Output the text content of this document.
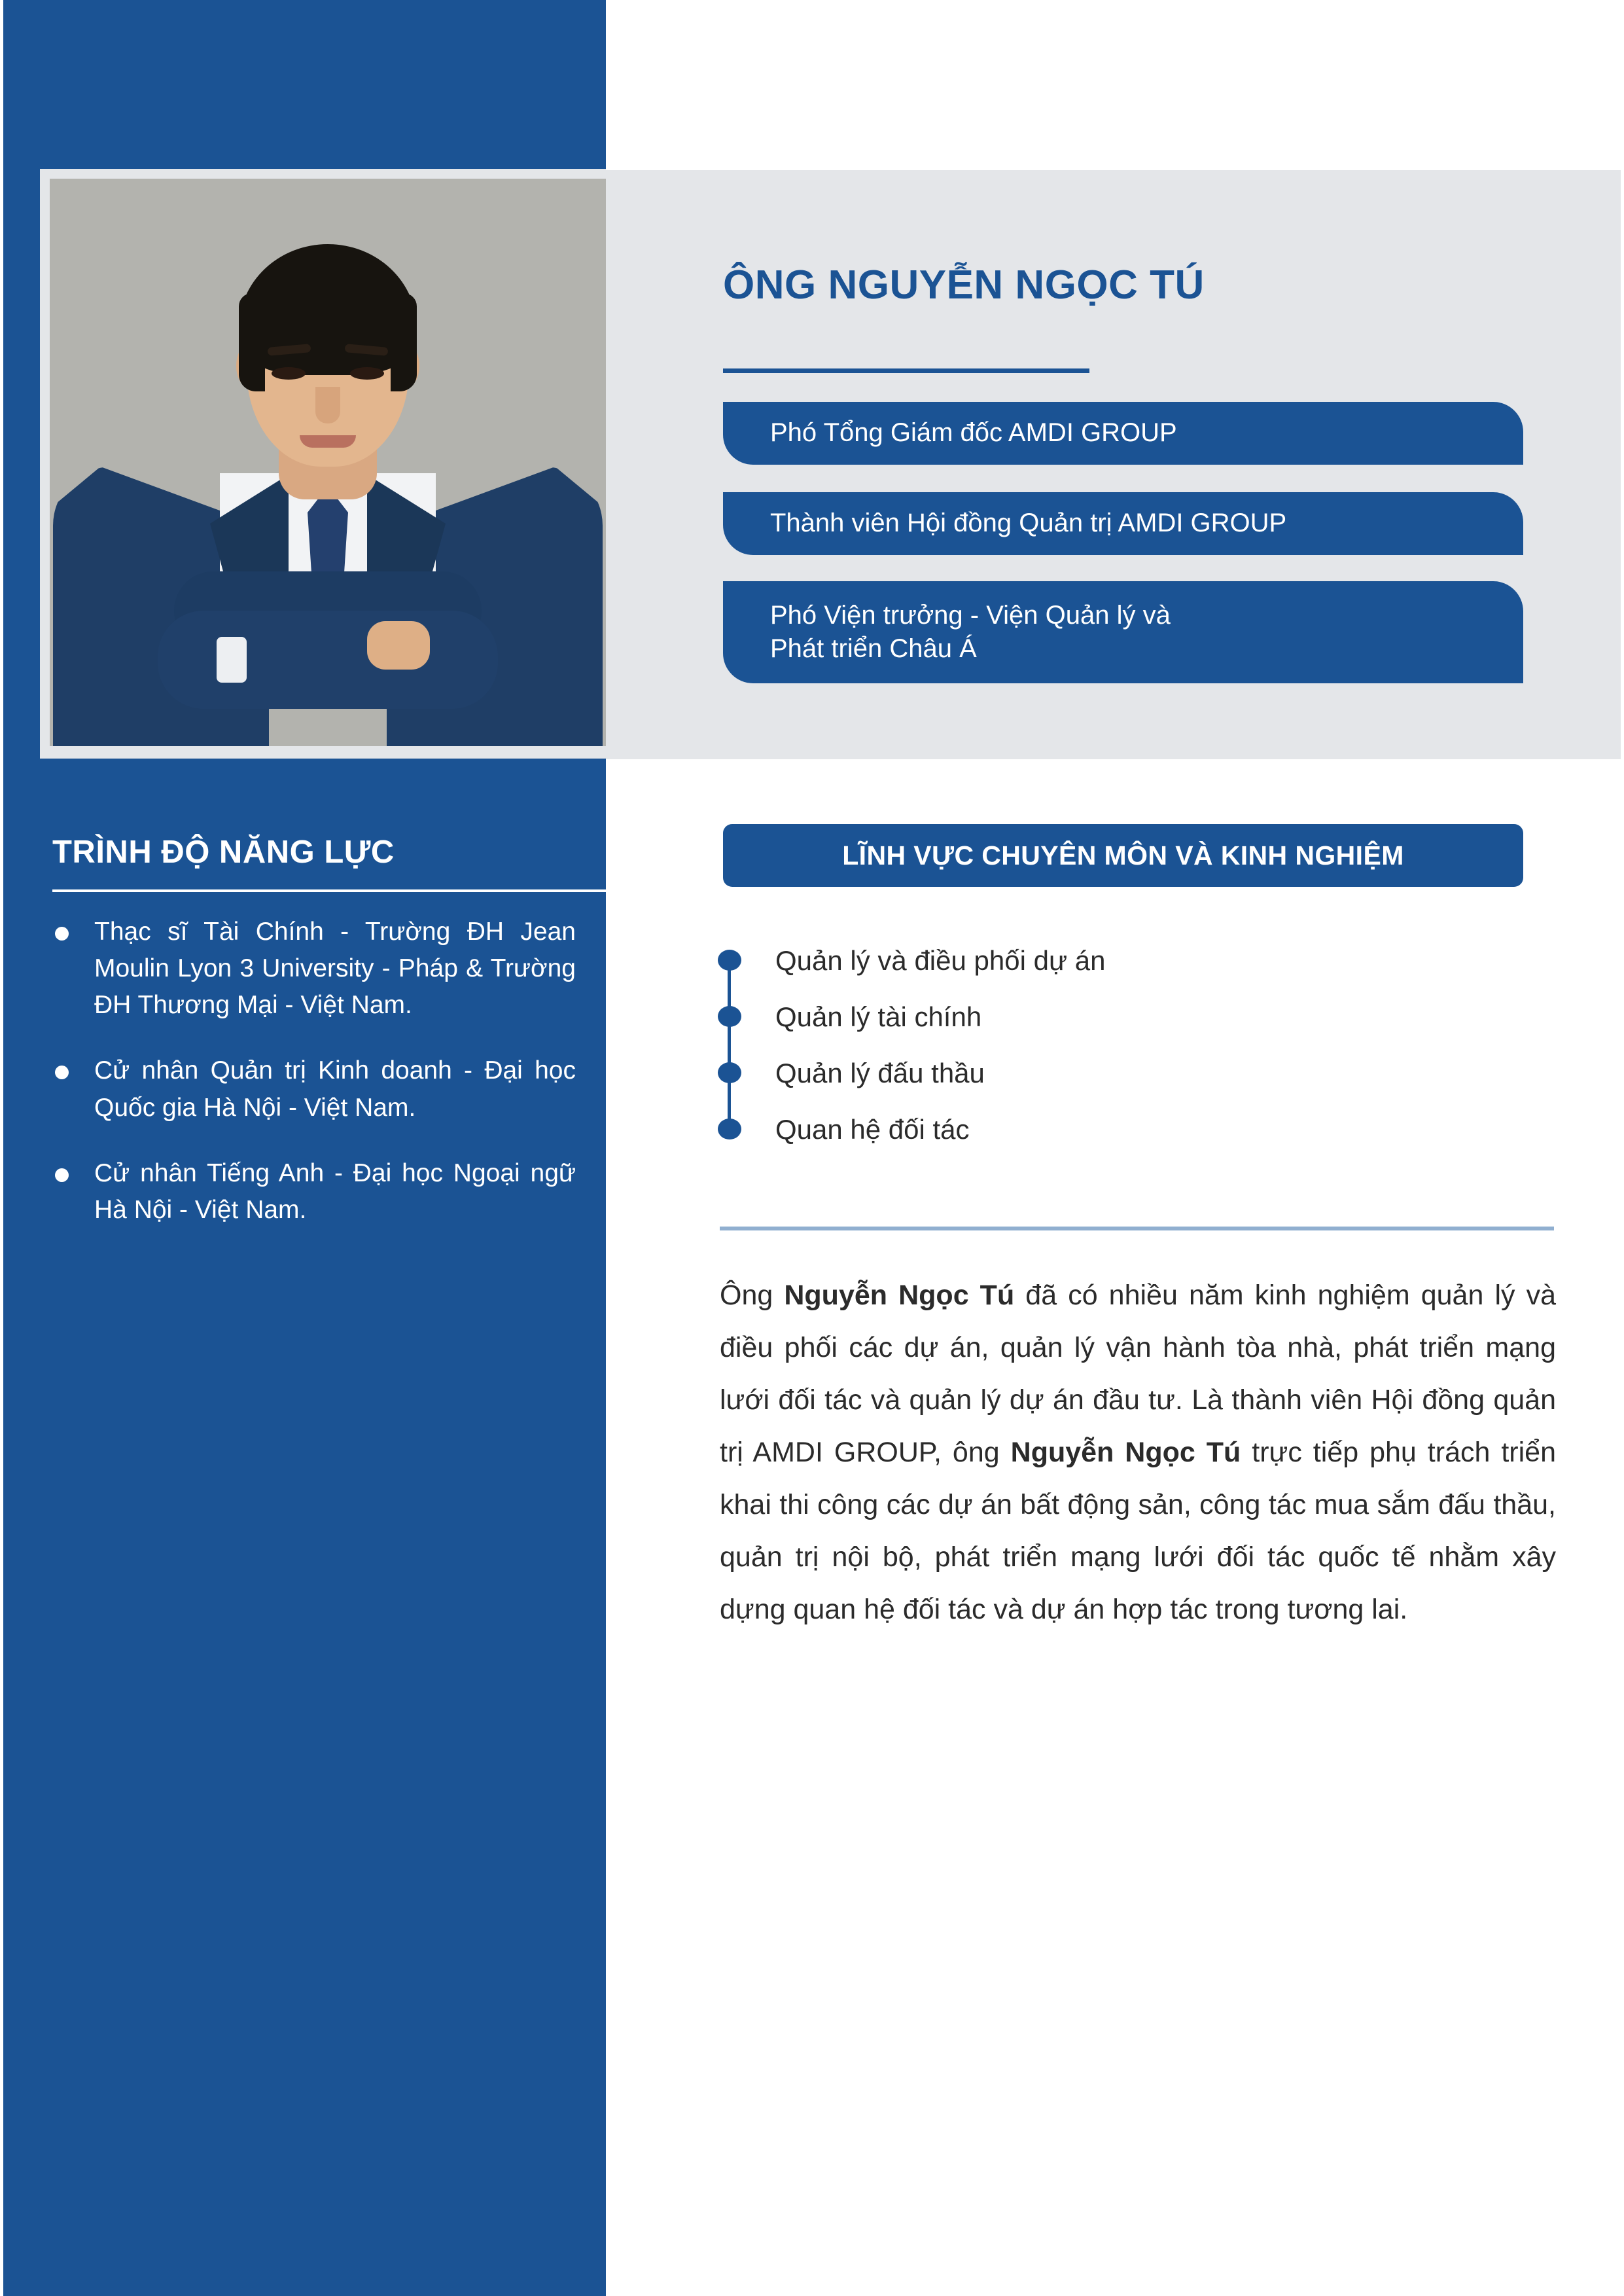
ÔNG NGUYỄN NGỌC TÚ
Phó Tổng Giám đốc AMDI GROUP
Thành viên Hội đồng Quản trị AMDI GROUP
Phó Viện trưởng - Viện Quản lý và
Phát triển Châu Á
TRÌNH ĐỘ NĂNG LỰC
Thạc sĩ Tài Chính - Trường ĐH Jean Moulin Lyon 3 University - Pháp & Trường ĐH Thương Mại - Việt Nam.
Cử nhân Quản trị Kinh doanh - Đại học Quốc gia Hà Nội - Việt Nam.
Cử nhân Tiếng Anh - Đại học Ngoại ngữ Hà Nội - Việt Nam.
LĨNH VỰC CHUYÊN MÔN VÀ KINH NGHIỆM
Quản lý và điều phối dự án
Quản lý tài chính
Quản lý đấu thầu
Quan hệ đối tác
Ông Nguyễn Ngọc Tú đã có nhiều năm kinh nghiệm quản lý và điều phối các dự án, quản lý vận hành tòa nhà, phát triển mạng lưới đối tác và quản lý dự án đầu tư. Là thành viên Hội đồng quản trị AMDI GROUP, ông Nguyễn Ngọc Tú trực tiếp phụ trách triển khai thi công các dự án bất động sản, công tác mua sắm đấu thầu, quản trị nội bộ, phát triển mạng lưới đối tác quốc tế nhằm xây dựng quan hệ đối tác và dự án hợp tác trong tương lai.
